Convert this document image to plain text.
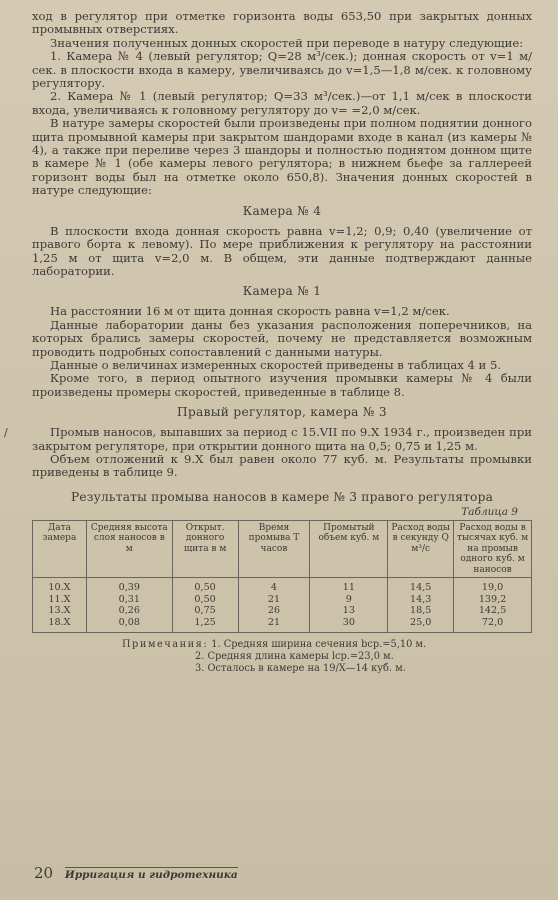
ход в регулятор при отметке горизонта воды 653,50 при закрытых донных промывных отверстиях.

Значения полученных донных скоростей при переводе в натуру следующие:

1. Камера № 4 (левый регулятор; Q=28 м³/сек.); донная скорость от v=1 м/сек. в плоскости входа в камеру, увеличиваясь до v=1,5—1,8 м/сек. к головному регулятору.

2. Камера № 1 (левый регулятор; Q=33 м³/сек.)—от 1,1 м/сек в плоскости входа, увеличиваясь к головному регулятору до v= =2,0 м/сек.

В натуре замеры скоростей были произведены при полном поднятии донного щита промывной камеры при закрытом шандорами входе в канал (из камеры № 4), а также при переливе через 3 шандоры и полностью поднятом донном щите в камере № 1 (обе камеры левого регулятора; в нижнем бьефе за галлереей горизонт воды был на отметке около 650,8). Значения донных скоростей в натуре следующие:

Камера № 4

В плоскости входа донная скорость равна v=1,2; 0,9; 0,40 (увеличение от правого борта к левому). По мере приближения к регулятору на расстоянии 1,25 м от щита v=2,0 м. В общем, эти данные подтверждают данные лаборатории.

Камера № 1

На расстоянии 16 м от щита донная скорость равна v=1,2 м/сек.

Данные лаборатории даны без указания расположения поперечников, на которых брались замеры скоростей, почему не представляется возможным проводить подробных сопоставлений с данными натуры.

Данные о величинах измеренных скоростей приведены в таблицах 4 и 5.

Кроме того, в период опытного изучения промывки камеры № 4 были произведены промеры скоростей, приведенные в таблице 8.

Правый регулятор, камера № 3
/	Промыв наносов, выпавших за период с 15.VII по 9.X 1934 г., произведен при закрытом регуляторе, при открытии донного щита на 0,5; 0,75 и 1,25 м.

Объем отложений к 9.X был равен около 77 куб. м. Результаты промывки приведены в таблице 9.

Результаты промыва наносов в камере № 3 правого регулятора
Таблица 9
Дата замера	Средняя высота слоя наносов в м	Открыт. донного щита в м	Время промыва T часов	Промытый объем куб. м	Расход воды в секунду Q м³/с	Расход воды в тысячах куб. м на промыв одного куб. м наносов
10.X	0,39	0,50	4	11	14,5	19,0
11.X	0,31	0,50	21	9	14,3	139,2
13.X	0,26	0,75	26	13	18,5	142,5
18.X	0,08	1,25	21	30	25,0	72,0
Примечания: 1. Средняя ширина сечения bср.=5,10 м.
2. Средняя длина камеры lср.=23,0 м.
3. Осталось в камере на 19/X—14 куб. м.
20 Ирригация и гидротехника
